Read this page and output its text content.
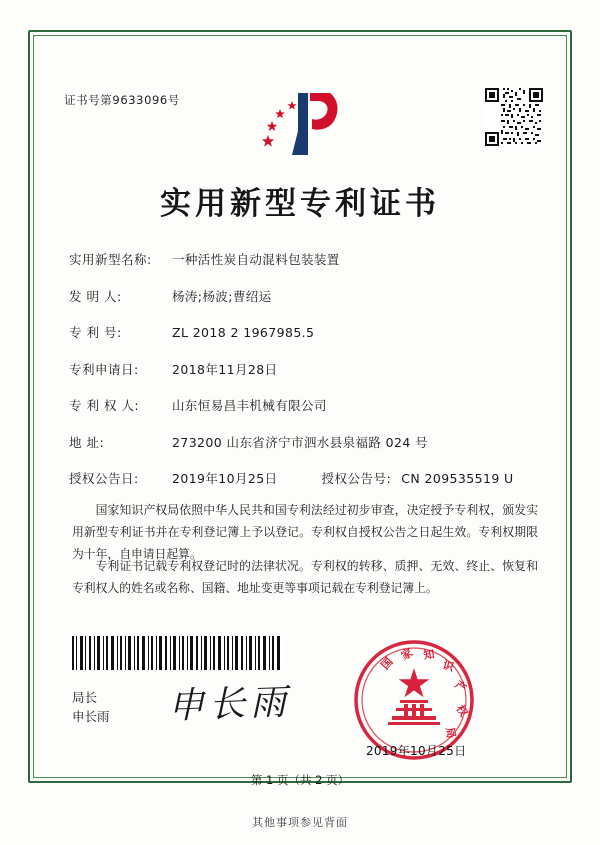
证书号第9633096号
实用新型专利证书
实用新型名称:	一种活性炭自动混料包装装置
发 明 人:	杨涛;杨波;曹绍运
专 利 号:	ZL 2018 2 1967985.5
专利申请日:	2018年11月28日
专 利 权 人:	山东恒易昌丰机械有限公司
地 址:	273200 山东省济宁市泗水县泉福路 024 号
授权公告日:	2019年10月25日	授权公告号: CN 209535519 U
国家知识产权局依照中华人民共和国专利法经过初步审查，决定授予专利权，颁发实用新型专利证书并在专利登记簿上予以登记。专利权自授权公告之日起生效。专利权期限为十年，自申请日起算。
专利证书记载专利权登记时的法律状况。专利权的转移、质押、无效、终止、恢复和专利权人的姓名或名称、国籍、地址变更等事项记载在专利登记簿上。
局长
申长雨 申长雨
国
家 知
识
产
权
局
2019年10月25日
第 1 页（共 2 页）
其他事项参见背面
